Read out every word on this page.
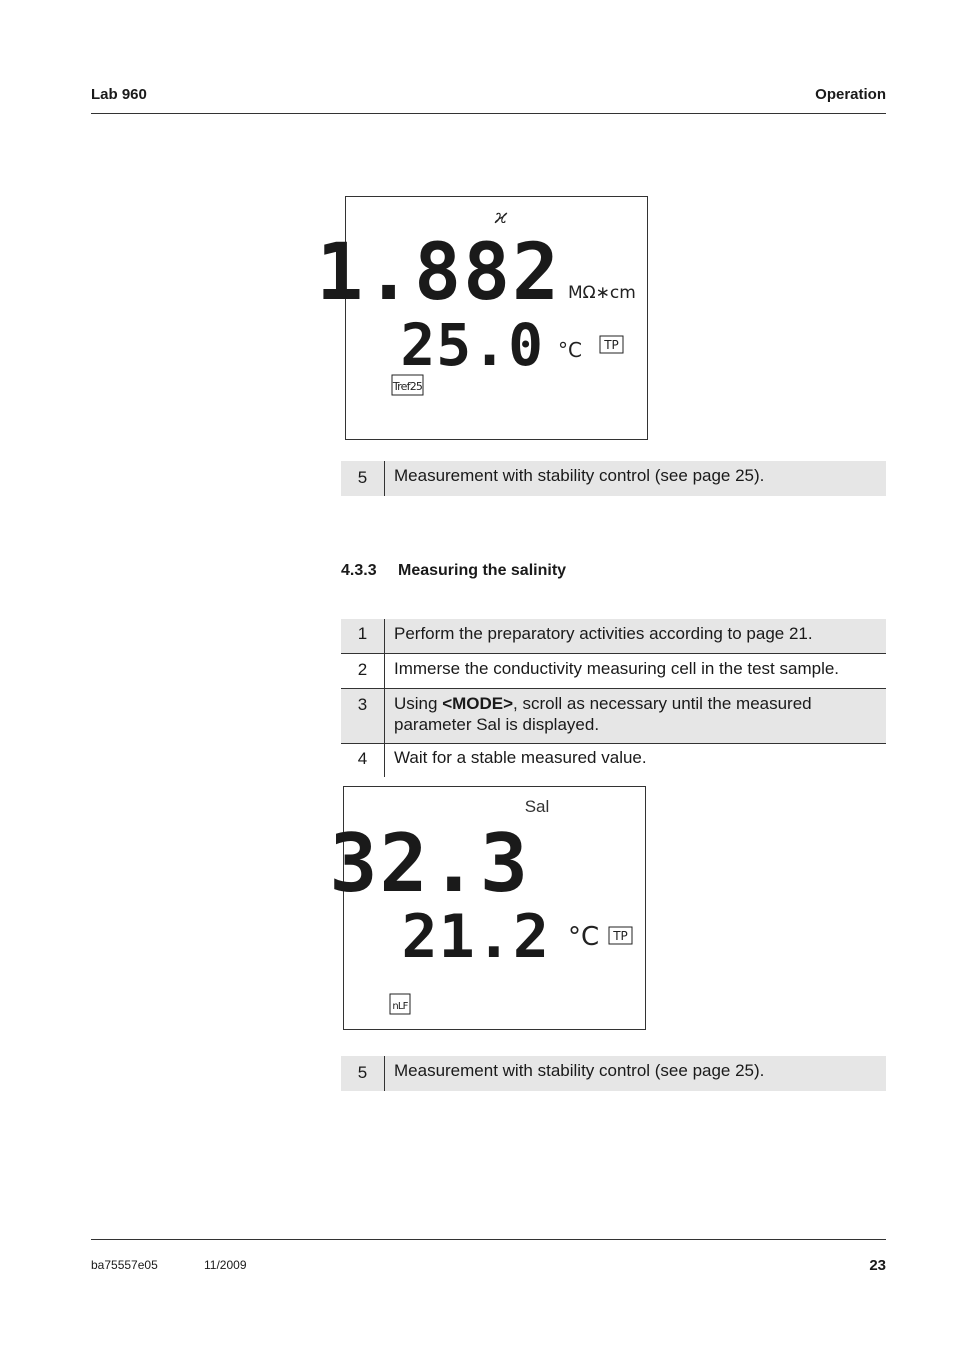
Lab 960	Operation
ϰ
1.882 MΩ∗cm
25.0 °C TP
Tref25
5	Measurement with stability control (see page 25).
4.3.3 Measuring the salinity
1	Perform the preparatory activities according to page 21.
2	Immerse the conductivity measuring cell in the test sample.
3	Using <MODE>, scroll as necessary until the measured parameter Sal is displayed.
4	Wait for a stable measured value.
Sal
32.3
21.2 °C TP
nLF
5	Measurement with stability control (see page 25).
ba75557e05	11/2009	23
